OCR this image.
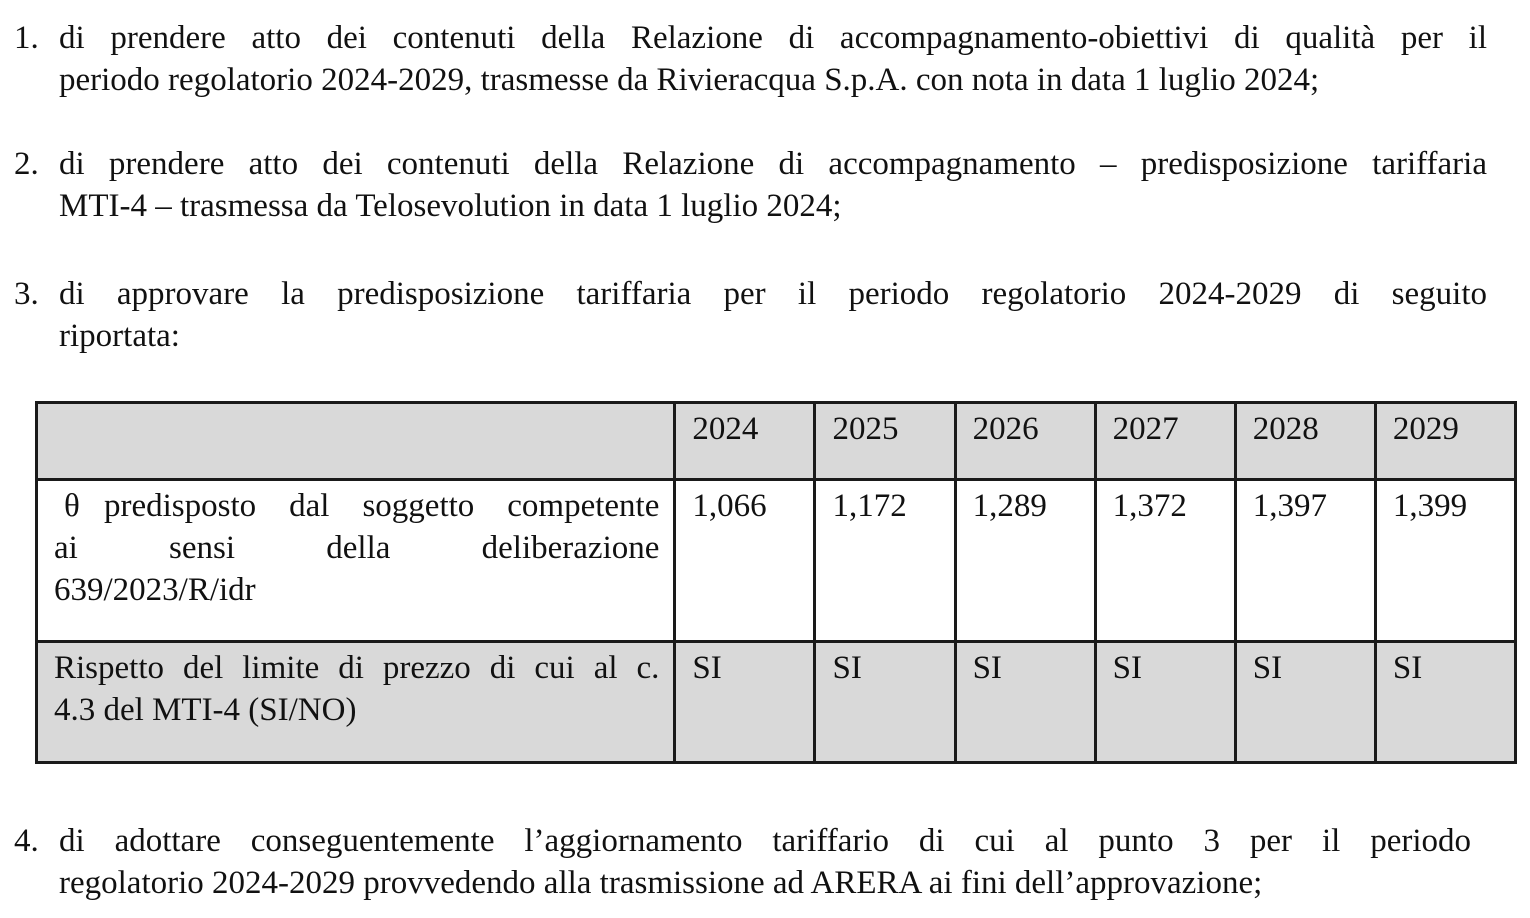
1. di prendere atto dei contenuti della Relazione di accompagnamento-obiettivi di qualità per il
periodo regolatorio 2024-2029, trasmesse da Rivieracqua S.p.A. con nota in data 1 luglio 2024;
2. di prendere atto dei contenuti della Relazione di accompagnamento – predisposizione tariffaria
MTI-4 – trasmessa da Telosevolution in data 1 luglio 2024;
3. di approvare la predisposizione tariffaria per il periodo regolatorio 2024-2029 di seguito
riportata:

	2024	2025	2026	2027	2028	2029

θ predisposto dal soggetto competente
ai sensi della deliberazione
639/2023/R/idr	1,066	1,172	1,289	1,372	1,397	1,399

Rispetto del limite di prezzo di cui al c.
4.3 del MTI-4 (SI/NO)	SI	SI	SI	SI	SI	SI
4. di adottare conseguentemente l’aggiornamento tariffario di cui al punto 3 per il periodo
regolatorio 2024-2029 provvedendo alla trasmissione ad ARERA ai fini dell’approvazione;
